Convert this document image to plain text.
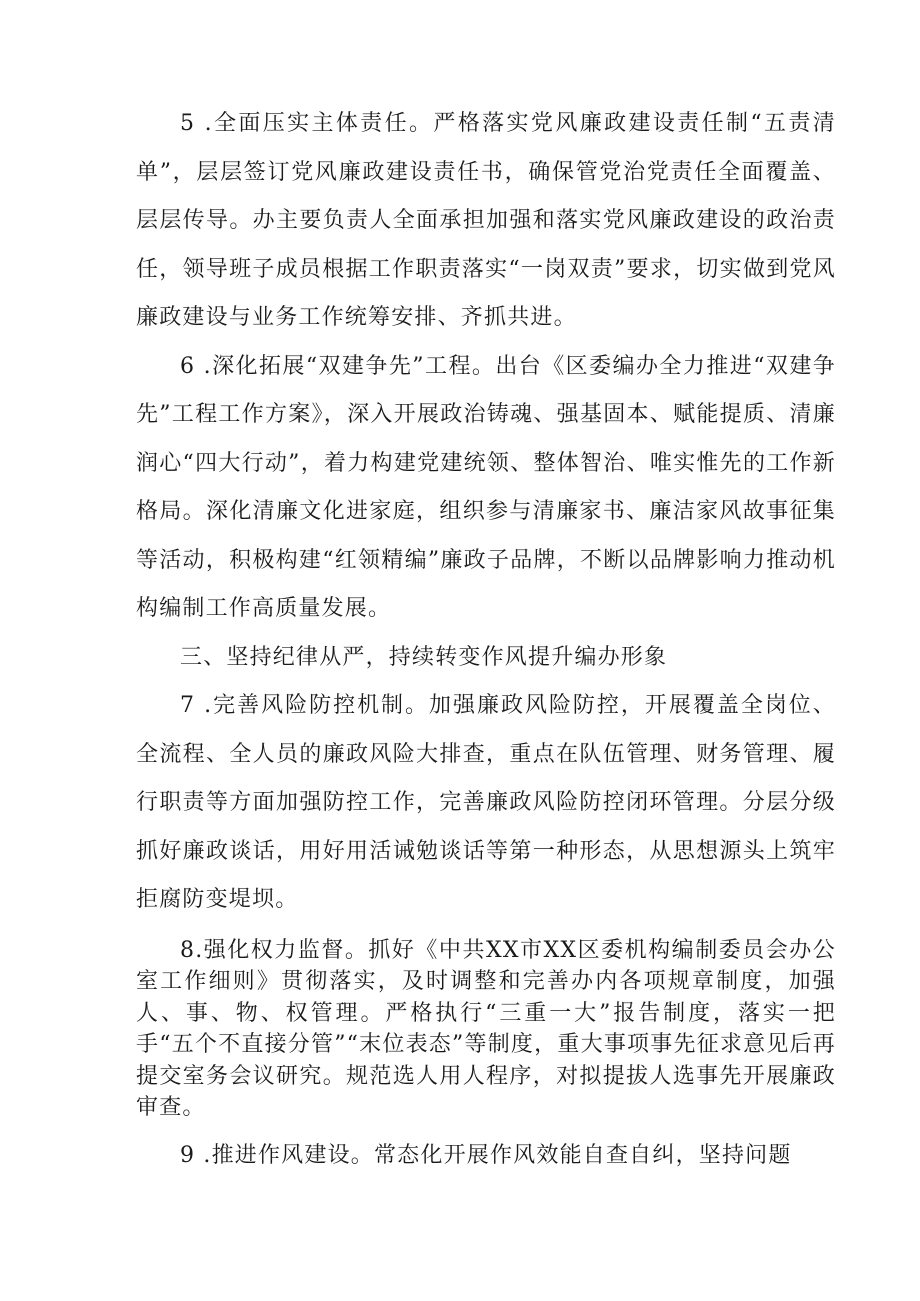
5 .全面压实主体责任。严格落实党风廉政建设责任制“五责清单”，层层签订党风廉政建设责任书，确保管党治党责任全面覆盖、层层传导。办主要负责人全面承担加强和落实党风廉政建设的政治责任，领导班子成员根据工作职责落实“一岗双责”要求，切实做到党风廉政建设与业务工作统筹安排、齐抓共进。

6 .深化拓展“双建争先”工程。出台《区委编办全力推进“双建争先”工程工作方案》，深入开展政治铸魂、强基固本、赋能提质、清廉润心“四大行动”，着力构建党建统领、整体智治、唯实惟先的工作新格局。深化清廉文化进家庭，组织参与清廉家书、廉洁家风故事征集等活动，积极构建“红领精编”廉政子品牌，不断以品牌影响力推动机构编制工作高质量发展。

三、坚持纪律从严，持续转变作风提升编办形象

7 .完善风险防控机制。加强廉政风险防控，开展覆盖全岗位、全流程、全人员的廉政风险大排查，重点在队伍管理、财务管理、履行职责等方面加强防控工作，完善廉政风险防控闭环管理。分层分级抓好廉政谈话，用好用活诫勉谈话等第一种形态，从思想源头上筑牢拒腐防变堤坝。

8.强化权力监督。抓好《中共XX市XX区委机构编制委员会办公室工作细则》贯彻落实，及时调整和完善办内各项规章制度，加强人、事、物、权管理。严格执行“三重一大”报告制度，落实一把手“五个不直接分管”“末位表态”等制度，重大事项事先征求意见后再提交室务会议研究。规范选人用人程序，对拟提拔人选事先开展廉政审查。

9 .推进作风建设。常态化开展作风效能自查自纠，坚持问题
